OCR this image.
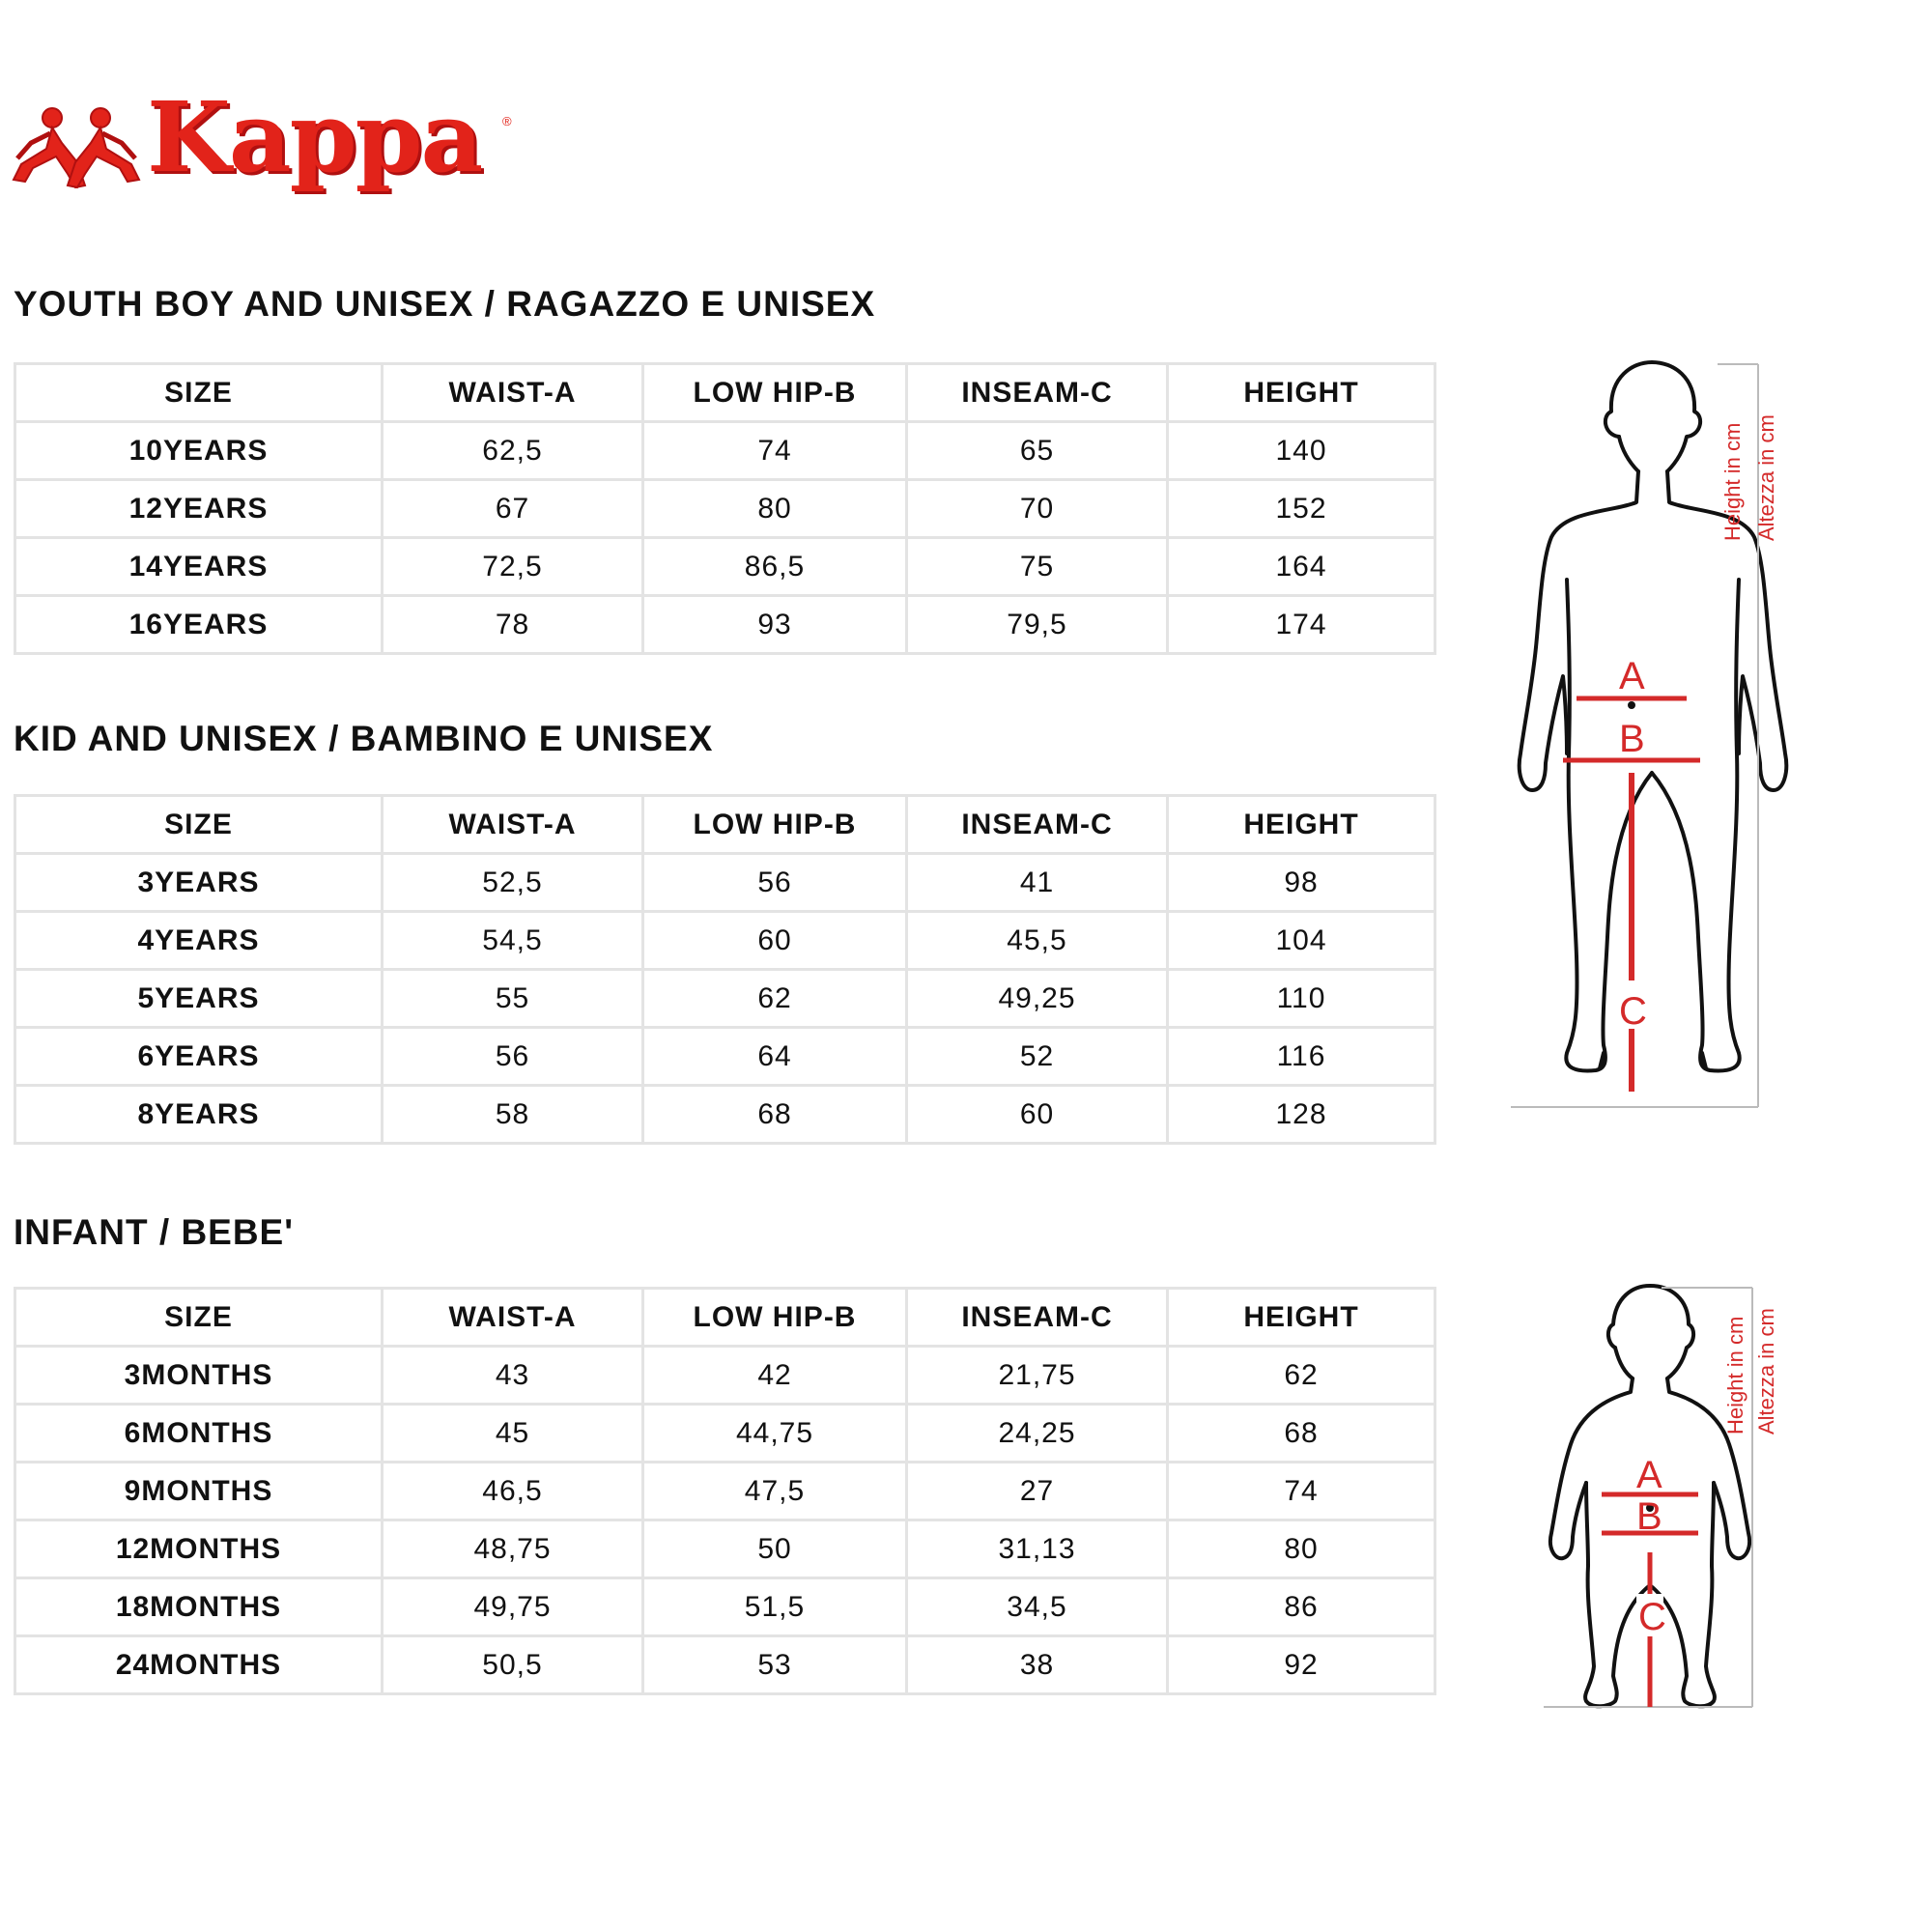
Kappa ®
YOUTH BOY AND UNISEX / RAGAZZO E UNISEX
SIZE	WAIST-A	LOW HIP-B	INSEAM-C	HEIGHT
10YEARS	62,5	74	65	140
12YEARS	67	80	70	152
14YEARS	72,5	86,5	75	164
16YEARS	78	93	79,5	174
KID AND UNISEX / BAMBINO E UNISEX
SIZE	WAIST-A	LOW HIP-B	INSEAM-C	HEIGHT
3YEARS	52,5	56	41	98
4YEARS	54,5	60	45,5	104
5YEARS	55	62	49,25	110
6YEARS	56	64	52	116
8YEARS	58	68	60	128
INFANT / BEBE'
SIZE	WAIST-A	LOW HIP-B	INSEAM-C	HEIGHT
3MONTHS	43	42	21,75	62
6MONTHS	45	44,75	24,25	68
9MONTHS	46,5	47,5	27	74
12MONTHS	48,75	50	31,13	80
18MONTHS	49,75	51,5	34,5	86
24MONTHS	50,5	53	38	92
Height in cm Altezza in cm
A
B
C
Height in cm Altezza in cm
A
B
C
